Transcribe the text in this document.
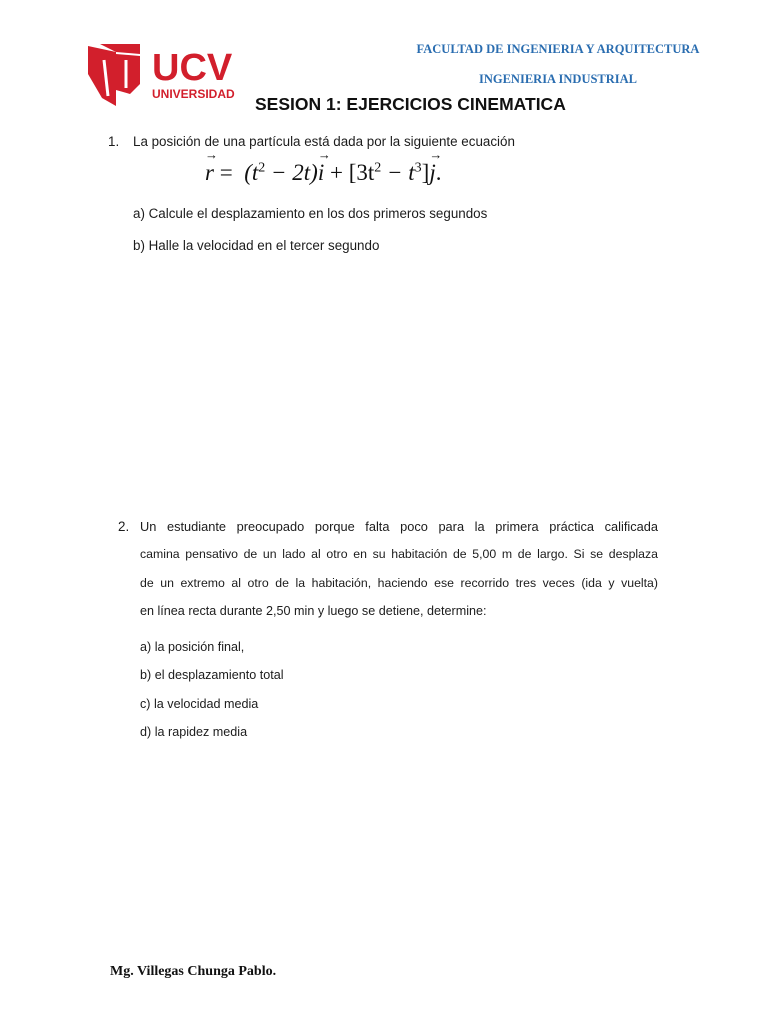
UCV
UNIVERSIDAD
FACULTAD DE INGENIERIA Y ARQUITECTURA
INGENIERIA INDUSTRIAL
SESION 1: EJERCICIOS CINEMATICA
1. La posición de una partícula está dada por la siguiente ecuación
→ $r = (t^2 - 2t)\to i + [3t^2 - t^3]\to j$.
a) Calcule el desplazamiento en los dos primeros segundos
b) Halle la velocidad en el tercer segundo
2. Un estudiante preocupado porque falta poco para la primera práctica calificada
camina pensativo de un lado al otro en su habitación de 5,00 m de largo. Si se desplaza
de un extremo al otro de la habitación, haciendo ese recorrido tres veces (ida y vuelta)
en línea recta durante 2,50 min y luego se detiene, determine:
a) la posición final,
b) el desplazamiento total
c) la velocidad media
d) la rapidez media
Mg. Villegas Chunga Pablo.
